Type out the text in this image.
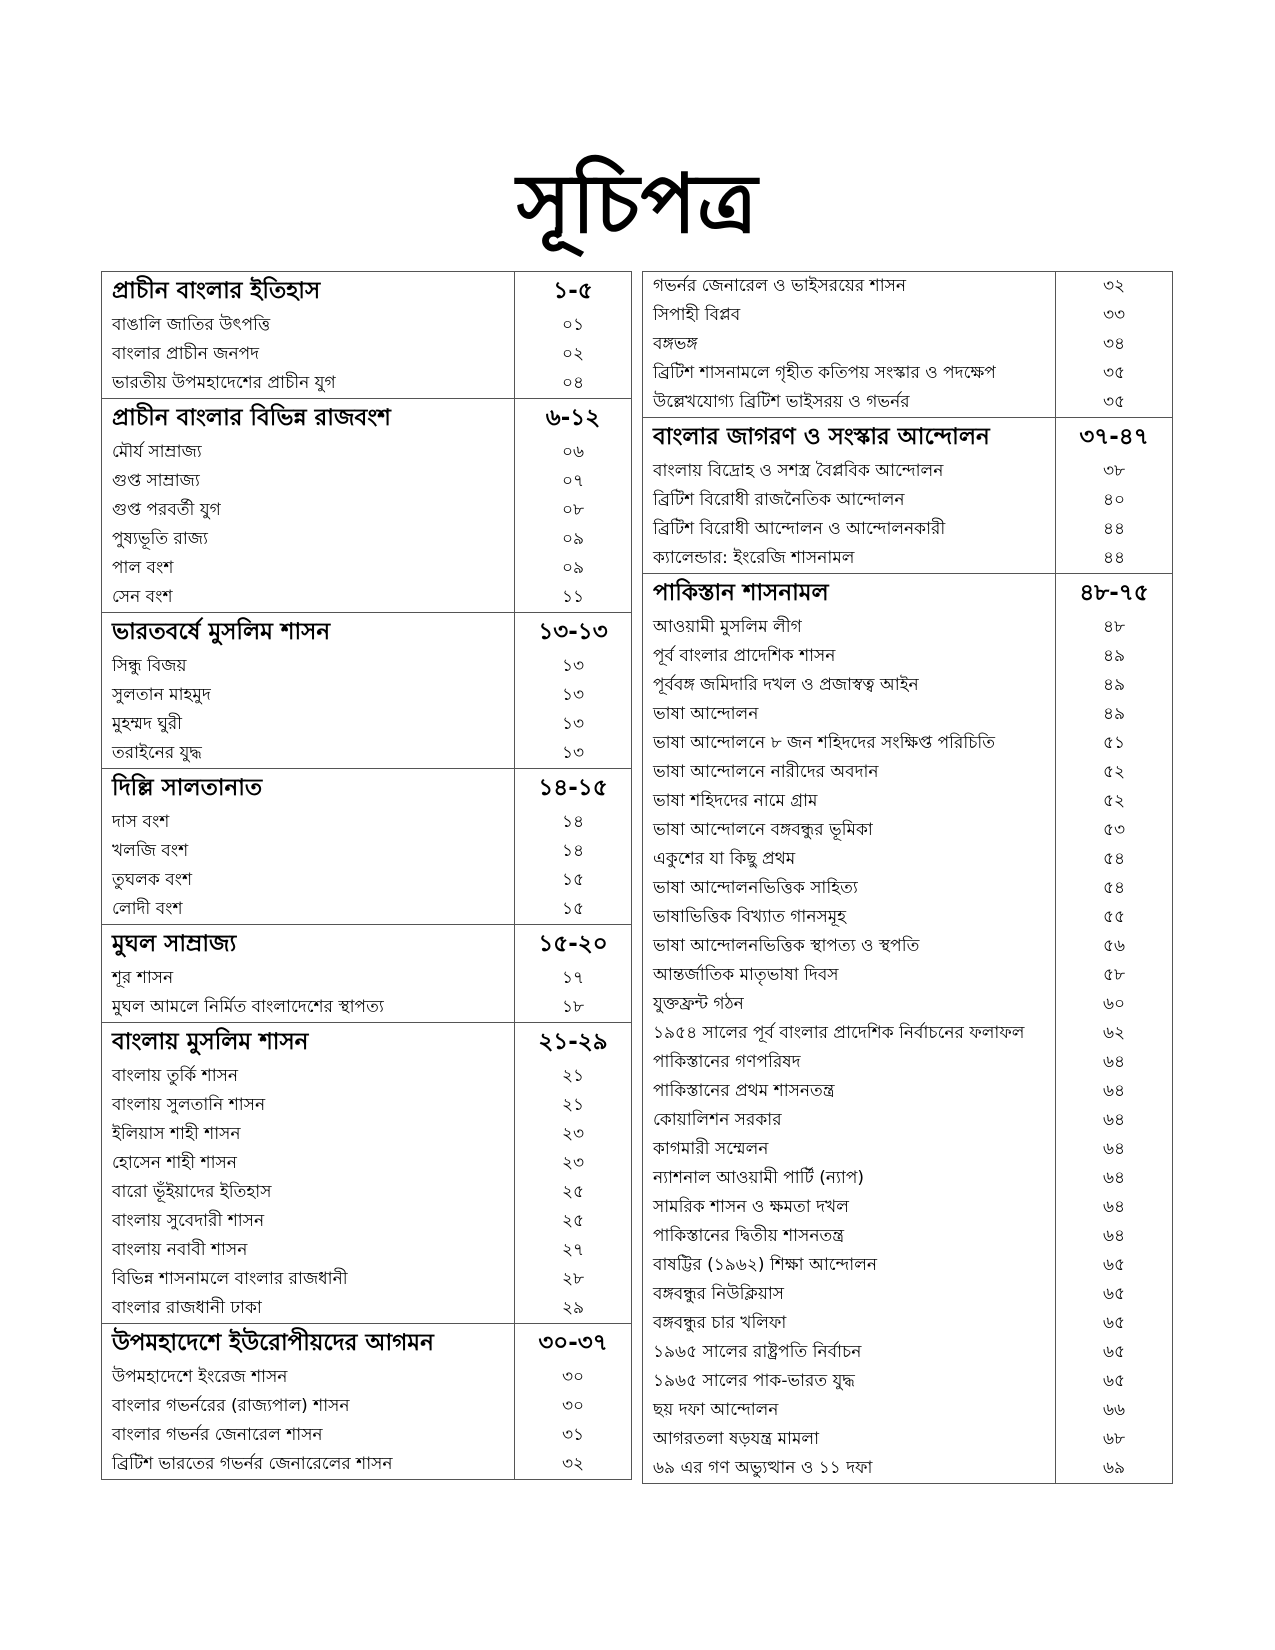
সূচিপত্র
প্রাচীন বাংলার ইতিহাস	১-৫
বাঙালি জাতির উৎপত্তি	০১
বাংলার প্রাচীন জনপদ	০২
ভারতীয় উপমহাদেশের প্রাচীন যুগ	০৪
প্রাচীন বাংলার বিভিন্ন রাজবংশ	৬-১২
মৌর্য সাম্রাজ্য	০৬
গুপ্ত সাম্রাজ্য	০৭
গুপ্ত পরবর্তী যুগ	০৮
পুষ্যভূতি রাজ্য	০৯
পাল বংশ	০৯
সেন বংশ	১১
ভারতবর্ষে মুসলিম শাসন	১৩-১৩
সিন্ধু বিজয়	১৩
সুলতান মাহমুদ	১৩
মুহম্মদ ঘুরী	১৩
তরাইনের যুদ্ধ	১৩
দিল্লি সালতানাত	১৪-১৫
দাস বংশ	১৪
খলজি বংশ	১৪
তুঘলক বংশ	১৫
লোদী বংশ	১৫
মুঘল সাম্রাজ্য	১৫-২০
শূর শাসন	১৭
মুঘল আমলে নির্মিত বাংলাদেশের স্থাপত্য	১৮
বাংলায় মুসলিম শাসন	২১-২৯
বাংলায় তুর্কি শাসন	২১
বাংলায় সুলতানি শাসন	২১
ইলিয়াস শাহী শাসন	২৩
হোসেন শাহী শাসন	২৩
বারো ভূঁইয়াদের ইতিহাস	২৫
বাংলায় সুবেদারী শাসন	২৫
বাংলায় নবাবী শাসন	২৭
বিভিন্ন শাসনামলে বাংলার রাজধানী	২৮
বাংলার রাজধানী ঢাকা	২৯
উপমহাদেশে ইউরোপীয়দের আগমন	৩০-৩৭
উপমহাদেশে ইংরেজ শাসন	৩০
বাংলার গভর্নরের (রাজ্যপাল) শাসন	৩০
বাংলার গভর্নর জেনারেল শাসন	৩১
ব্রিটিশ ভারতের গভর্নর জেনারেলের শাসন	৩২
গভর্নর জেনারেল ও ভাইসরয়ের শাসন	৩২
সিপাহী বিপ্লব	৩৩
বঙ্গভঙ্গ	৩৪
ব্রিটিশ শাসনামলে গৃহীত কতিপয় সংস্কার ও পদক্ষেপ	৩৫
উল্লেখযোগ্য ব্রিটিশ ভাইসরয় ও গভর্নর	৩৫
বাংলার জাগরণ ও সংস্কার আন্দোলন	৩৭-৪৭
বাংলায় বিদ্রোহ ও সশস্ত্র বৈপ্লবিক আন্দোলন	৩৮
ব্রিটিশ বিরোধী রাজনৈতিক আন্দোলন	৪০
ব্রিটিশ বিরোধী আন্দোলন ও আন্দোলনকারী	৪৪
ক্যালেন্ডার: ইংরেজি শাসনামল	৪৪
পাকিস্তান শাসনামল	৪৮-৭৫
আওয়ামী মুসলিম লীগ	৪৮
পূর্ব বাংলার প্রাদেশিক শাসন	৪৯
পূর্ববঙ্গ জমিদারি দখল ও প্রজাস্বত্ব আইন	৪৯
ভাষা আন্দোলন	৪৯
ভাষা আন্দোলনে ৮ জন শহিদদের সংক্ষিপ্ত পরিচিতি	৫১
ভাষা আন্দোলনে নারীদের অবদান	৫২
ভাষা শহিদদের নামে গ্রাম	৫২
ভাষা আন্দোলনে বঙ্গবন্ধুর ভূমিকা	৫৩
একুশের যা কিছু প্রথম	৫৪
ভাষা আন্দোলনভিত্তিক সাহিত্য	৫৪
ভাষাভিত্তিক বিখ্যাত গানসমূহ	৫৫
ভাষা আন্দোলনভিত্তিক স্থাপত্য ও স্থপতি	৫৬
আন্তর্জাতিক মাতৃভাষা দিবস	৫৮
যুক্তফ্রন্ট গঠন	৬০
১৯৫৪ সালের পূর্ব বাংলার প্রাদেশিক নির্বাচনের ফলাফল	৬২
পাকিস্তানের গণপরিষদ	৬৪
পাকিস্তানের প্রথম শাসনতন্ত্র	৬৪
কোয়ালিশন সরকার	৬৪
কাগমারী সম্মেলন	৬৪
ন্যাশনাল আওয়ামী পার্টি (ন্যাপ)	৬৪
সামরিক শাসন ও ক্ষমতা দখল	৬৪
পাকিস্তানের দ্বিতীয় শাসনতন্ত্র	৬৪
বাষট্টির (১৯৬২) শিক্ষা আন্দোলন	৬৫
বঙ্গবন্ধুর নিউক্লিয়াস	৬৫
বঙ্গবন্ধুর চার খলিফা	৬৫
১৯৬৫ সালের রাষ্ট্রপতি নির্বাচন	৬৫
১৯৬৫ সালের পাক-ভারত যুদ্ধ	৬৫
ছয় দফা আন্দোলন	৬৬
আগরতলা ষড়যন্ত্র মামলা	৬৮
৬৯ এর গণ অভ্যুত্থান ও ১১ দফা	৬৯
